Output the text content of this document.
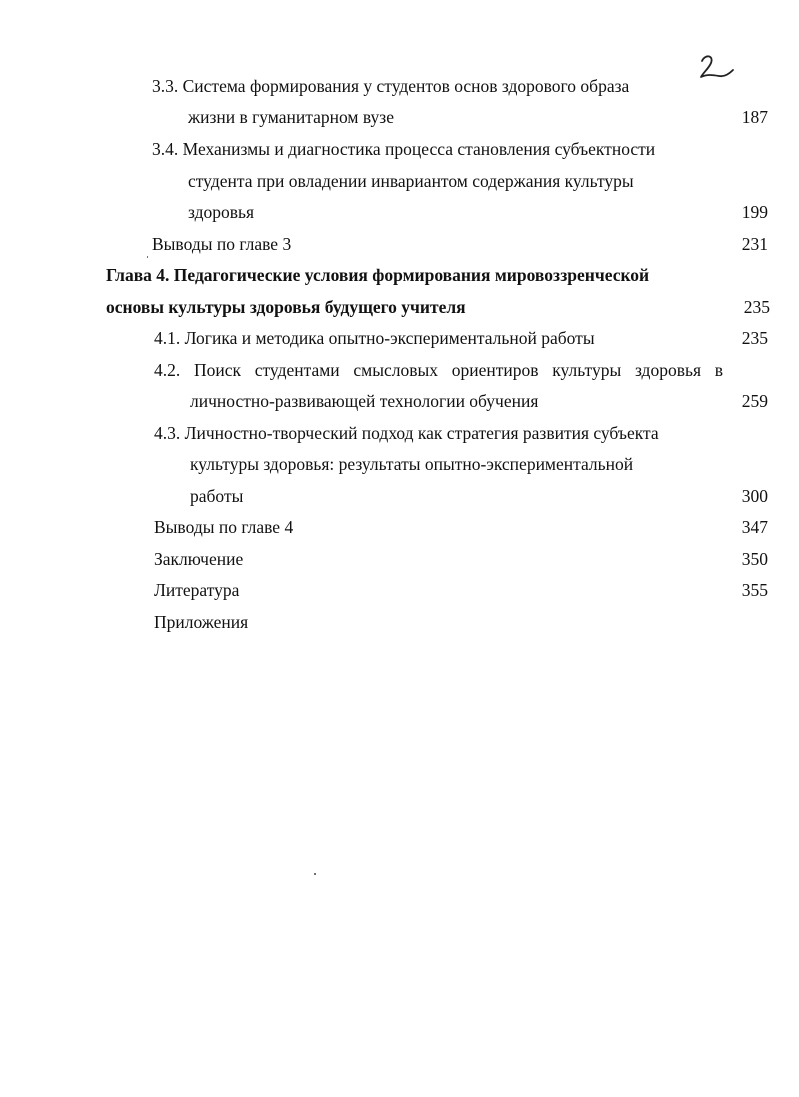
3.3. Система формирования у студентов основ здорового образа
жизни в гуманитарном вузе	187
3.4. Механизмы и диагностика процесса становления субъектности
студента при овладении инвариантом содержания культуры
здоровья	199
Выводы по главе 3	231
Глава 4. Педагогические условия формирования мировоззренческой
основы культуры здоровья будущего учителя	235
4.1. Логика и методика опытно-экспериментальной работы	235
4.2. Поиск студентами смысловых ориентиров культуры здоровья в
личностно-развивающей технологии обучения	259
4.3. Личностно-творческий подход как стратегия развития субъекта
культуры здоровья: результаты опытно-экспериментальной
работы	300
Выводы по главе 4	347
Заключение	350
Литература	355
Приложения
